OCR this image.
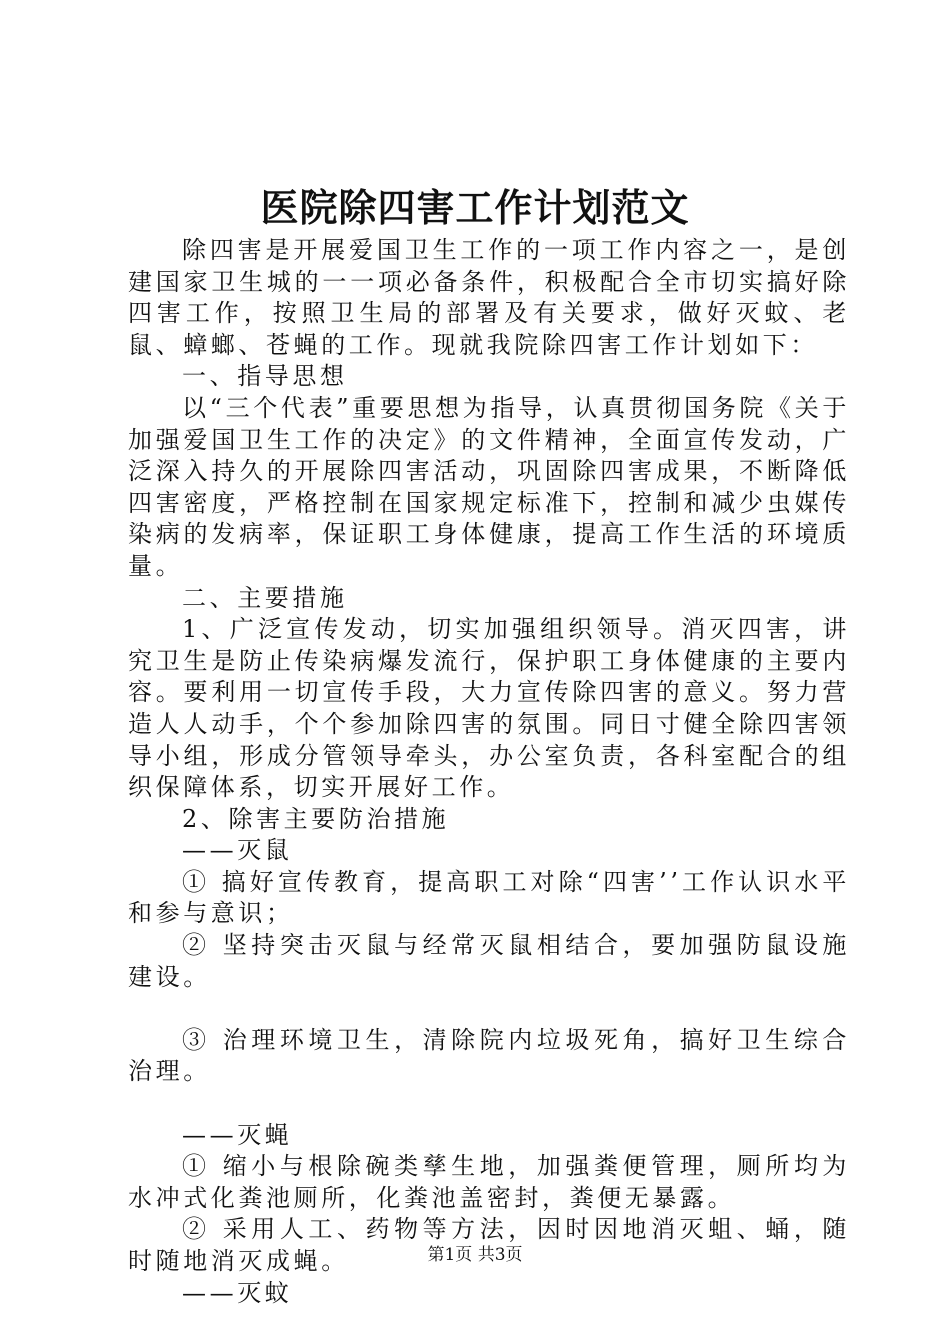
医院除四害工作计划范文

除四害是开展爱国卫生工作的一项工作内容之一，是创建国家卫生城的一一项必备条件，积极配合全市切实搞好除四害工作，按照卫生局的部署及有关要求，做好灭蚊、老鼠、蟑螂、苍蝇的工作。现就我院除四害工作计划如下：

一、指导思想

以“三个代表”重要思想为指导，认真贯彻国务院《关于加强爱国卫生工作的决定》的文件精神，全面宣传发动，广泛深入持久的开展除四害活动，巩固除四害成果，不断降低四害密度，严格控制在国家规定标准下，控制和减少虫媒传染病的发病率，保证职工身体健康，提高工作生活的环境质量。

二、主要措施

1、广泛宣传发动，切实加强组织领导。消灭四害，讲究卫生是防止传染病爆发流行，保护职工身体健康的主要内容。要利用一切宣传手段，大力宣传除四害的意义。努力营造人人动手，个个参加除四害的氛围。同日寸健全除四害领导小组，形成分管领导牵头，办公室负责，各科室配合的组织保障体系，切实开展好工作。

2、除害主要防治措施

——灭鼠

① 搞好宣传教育，提高职工对除“四害’’工作认识水平和参与意识；

② 坚持突击灭鼠与经常灭鼠相结合，要加强防鼠设施建设。

③ 治理环境卫生，清除院内垃圾死角，搞好卫生综合治理。

——灭蝇

① 缩小与根除碗类孳生地，加强粪便管理，厕所均为水冲式化粪池厕所，化粪池盖密封，粪便无暴露。

② 采用人工、药物等方法，因时因地消灭蛆、蛹，随时随地消灭成蝇。

——灭蚊

第1页 共3页
